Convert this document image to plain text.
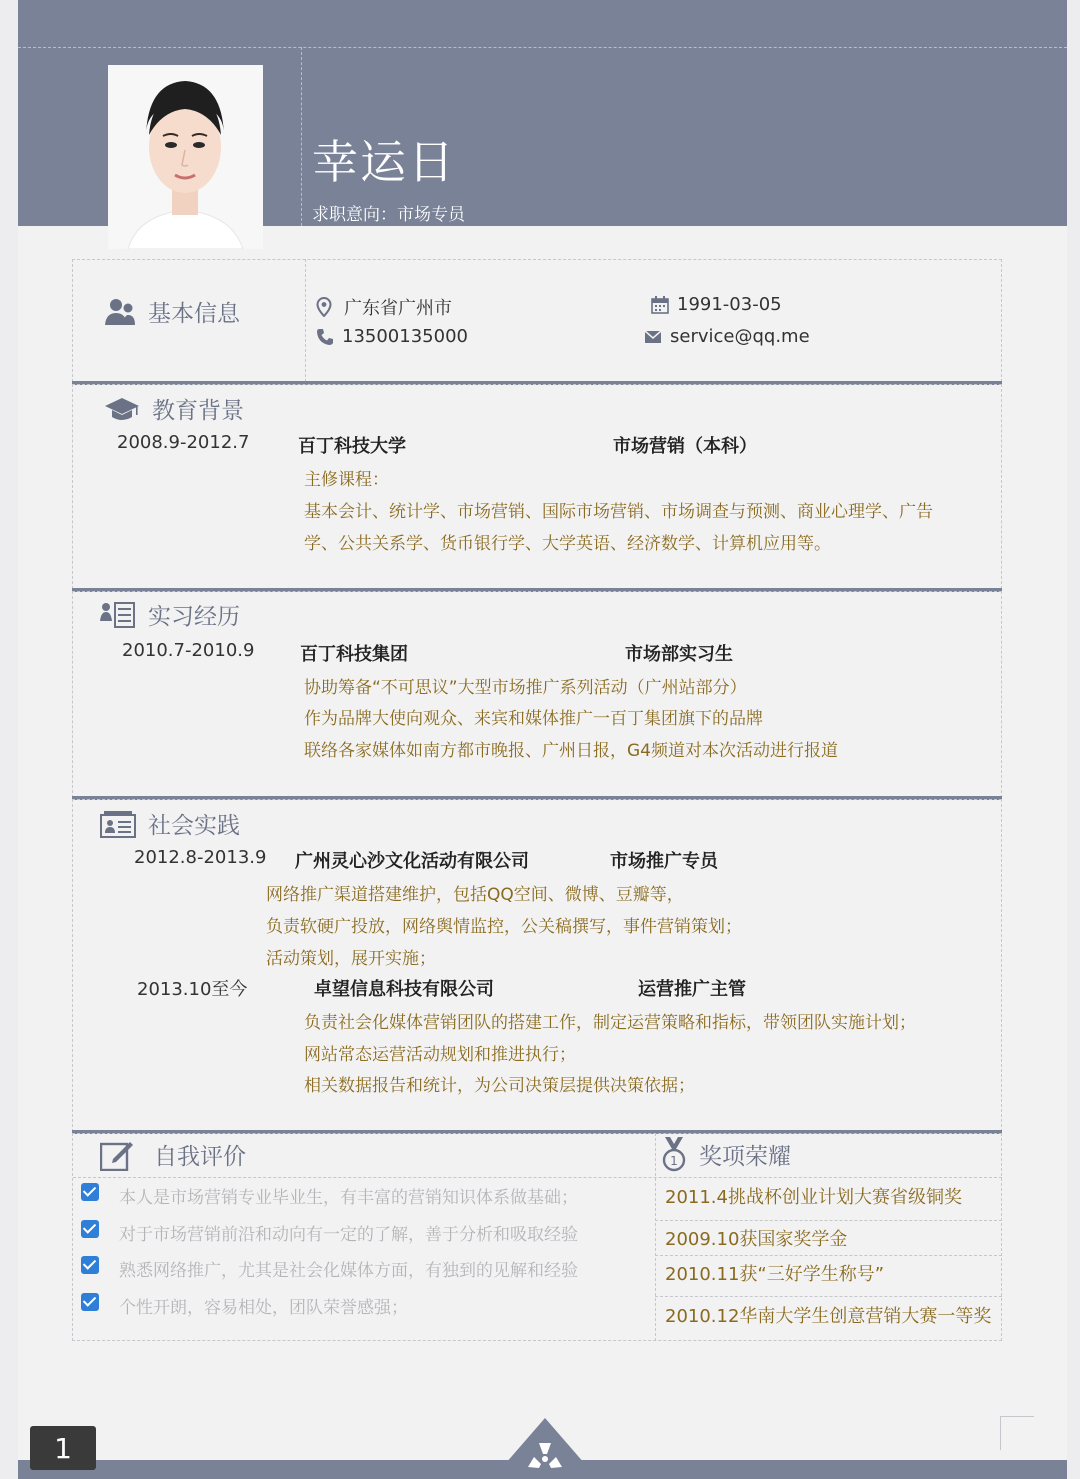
幸运日
求职意向：市场专员
基本信息	广东省广州市	1991-03-05
13500135000	service@qq.me
教育背景
2008.9-2012.7	百丁科技大学	市场营销（本科）
主修课程：
基本会计、统计学、市场营销、国际市场营销、市场调查与预测、商业心理学、广告
学、公共关系学、货币银行学、大学英语、经济数学、计算机应用等。
实习经历
2010.7-2010.9	百丁科技集团	市场部实习生
协助筹备“不可思议”大型市场推广系列活动（广州站部分）
作为品牌大使向观众、来宾和媒体推广一百丁集团旗下的品牌
联络各家媒体如南方都市晚报、广州日报，G4频道对本次活动进行报道
社会实践
2012.8-2013.9 广州灵心沙文化活动有限公司	市场推广专员
网络推广渠道搭建维护，包括QQ空间、微博、豆瓣等，
负责软硬广投放，网络舆情监控，公关稿撰写，事件营销策划；
活动策划，展开实施；
2013.10至今	卓望信息科技有限公司	运营推广主管
负责社会化媒体营销团队的搭建工作，制定运营策略和指标，带领团队实施计划；
网站常态运营活动规划和推进执行；
相关数据报告和统计，为公司决策层提供决策依据；
自我评价
本人是市场营销专业毕业生，有丰富的营销知识体系做基础；
对于市场营销前沿和动向有一定的了解，善于分析和吸取经验
熟悉网络推广，尤其是社会化媒体方面，有独到的见解和经验
个性开朗，容易相处，团队荣誉感强；
1 奖项荣耀
2011.4挑战杯创业计划大赛省级铜奖
2009.10获国家奖学金
2010.11获“三好学生称号”
2010.12华南大学生创意营销大赛一等奖
1
